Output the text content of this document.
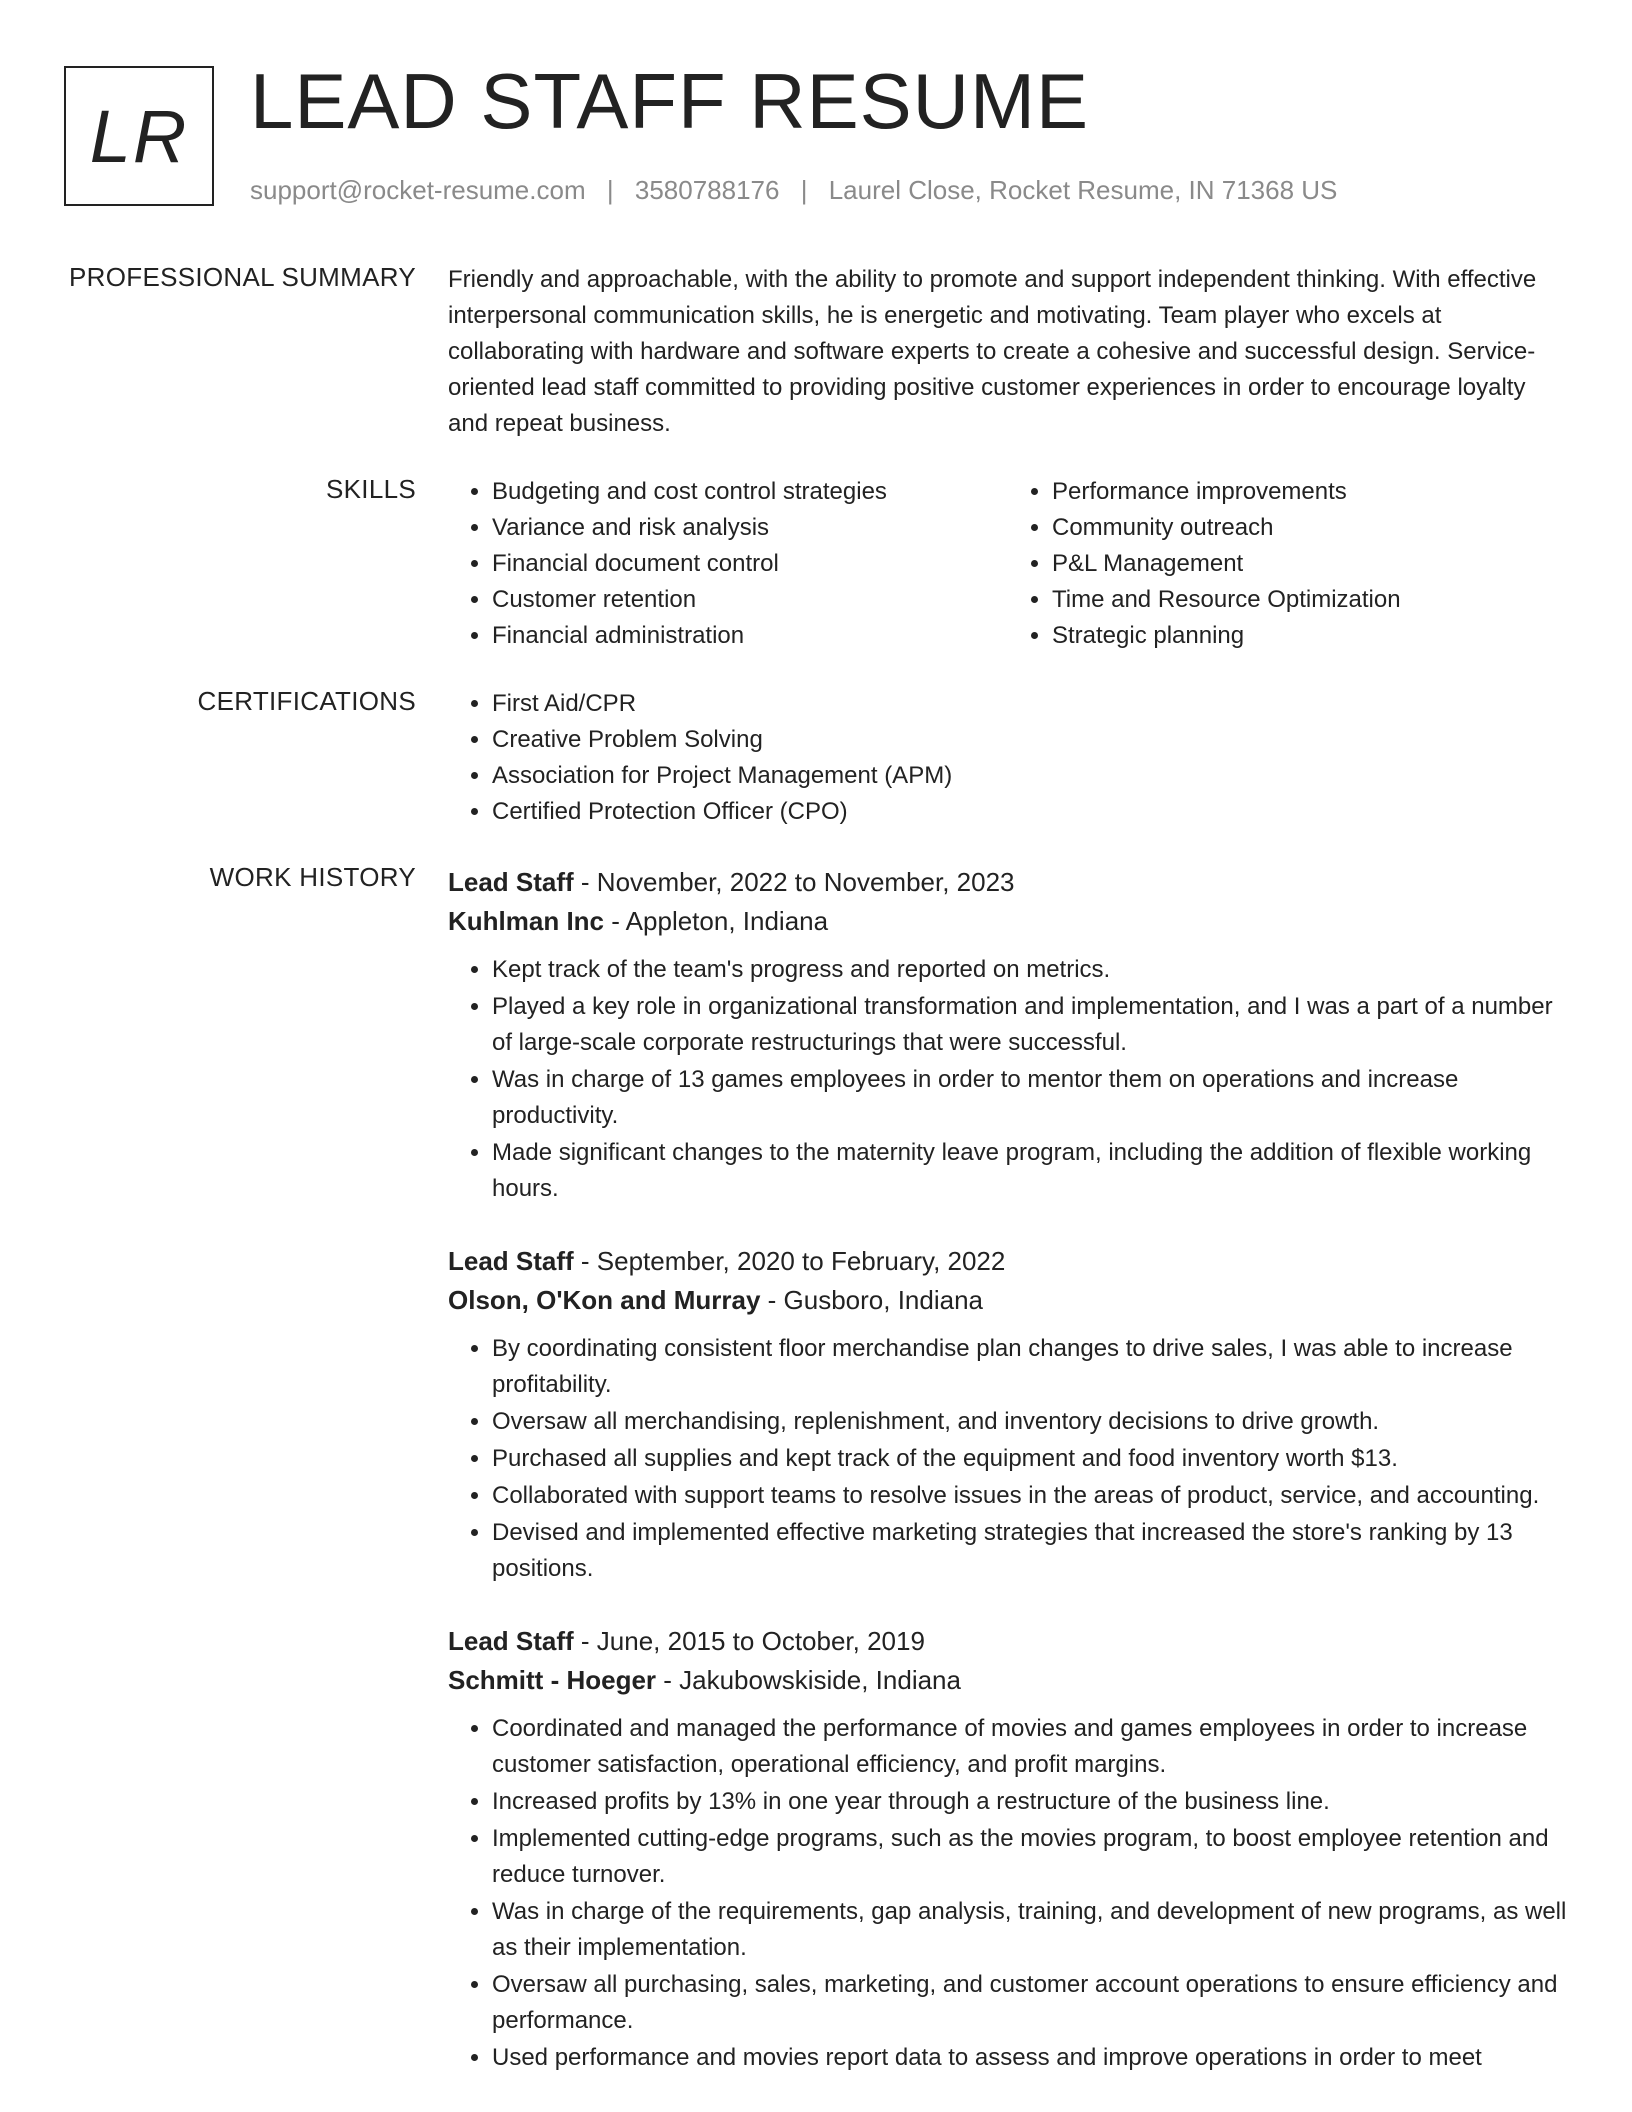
LR LEAD STAFF RESUME
support@rocket-resume.com | 3580788176 | Laurel Close, Rocket Resume, IN 71368 US
PROFESSIONAL SUMMARY Friendly and approachable, with the ability to promote and support independent thinking. With effective interpersonal communication skills, he is energetic and motivating. Team player who excels at collaborating with hardware and software experts to create a cohesive and successful design. Service-oriented lead staff committed to providing positive customer experiences in order to encourage loyalty and repeat business.

SKILLS	• Budgeting and cost control strategies
• Variance and risk analysis
• Financial document control
• Customer retention
• Financial administration
• Performance improvements
• Community outreach
• P&L Management
• Time and Resource Optimization
• Strategic planning
CERTIFICATIONS	• First Aid/CPR
• Creative Problem Solving
• Association for Project Management (APM)
• Certified Protection Officer (CPO)
WORK HISTORY Lead Staff - November, 2022 to November, 2023
Kuhlman Inc - Appleton, Indiana
• Kept track of the team's progress and reported on metrics.
• Played a key role in organizational transformation and implementation, and I was a part of a number of large-scale corporate restructurings that were successful.
• Was in charge of 13 games employees in order to mentor them on operations and increase productivity.
• Made significant changes to the maternity leave program, including the addition of flexible working hours.
Lead Staff - September, 2020 to February, 2022
Olson, O'Kon and Murray - Gusboro, Indiana
• By coordinating consistent floor merchandise plan changes to drive sales, I was able to increase profitability.
• Oversaw all merchandising, replenishment, and inventory decisions to drive growth.
• Purchased all supplies and kept track of the equipment and food inventory worth $13.
• Collaborated with support teams to resolve issues in the areas of product, service, and accounting.
• Devised and implemented effective marketing strategies that increased the store's ranking by 13 positions.
Lead Staff - June, 2015 to October, 2019
Schmitt - Hoeger - Jakubowskiside, Indiana
• Coordinated and managed the performance of movies and games employees in order to increase customer satisfaction, operational efficiency, and profit margins.
• Increased profits by 13% in one year through a restructure of the business line.
• Implemented cutting-edge programs, such as the movies program, to boost employee retention and reduce turnover.
• Was in charge of the requirements, gap analysis, training, and development of new programs, as well as their implementation.
• Oversaw all purchasing, sales, marketing, and customer account operations to ensure efficiency and performance.
• Used performance and movies report data to assess and improve operations in order to meet
